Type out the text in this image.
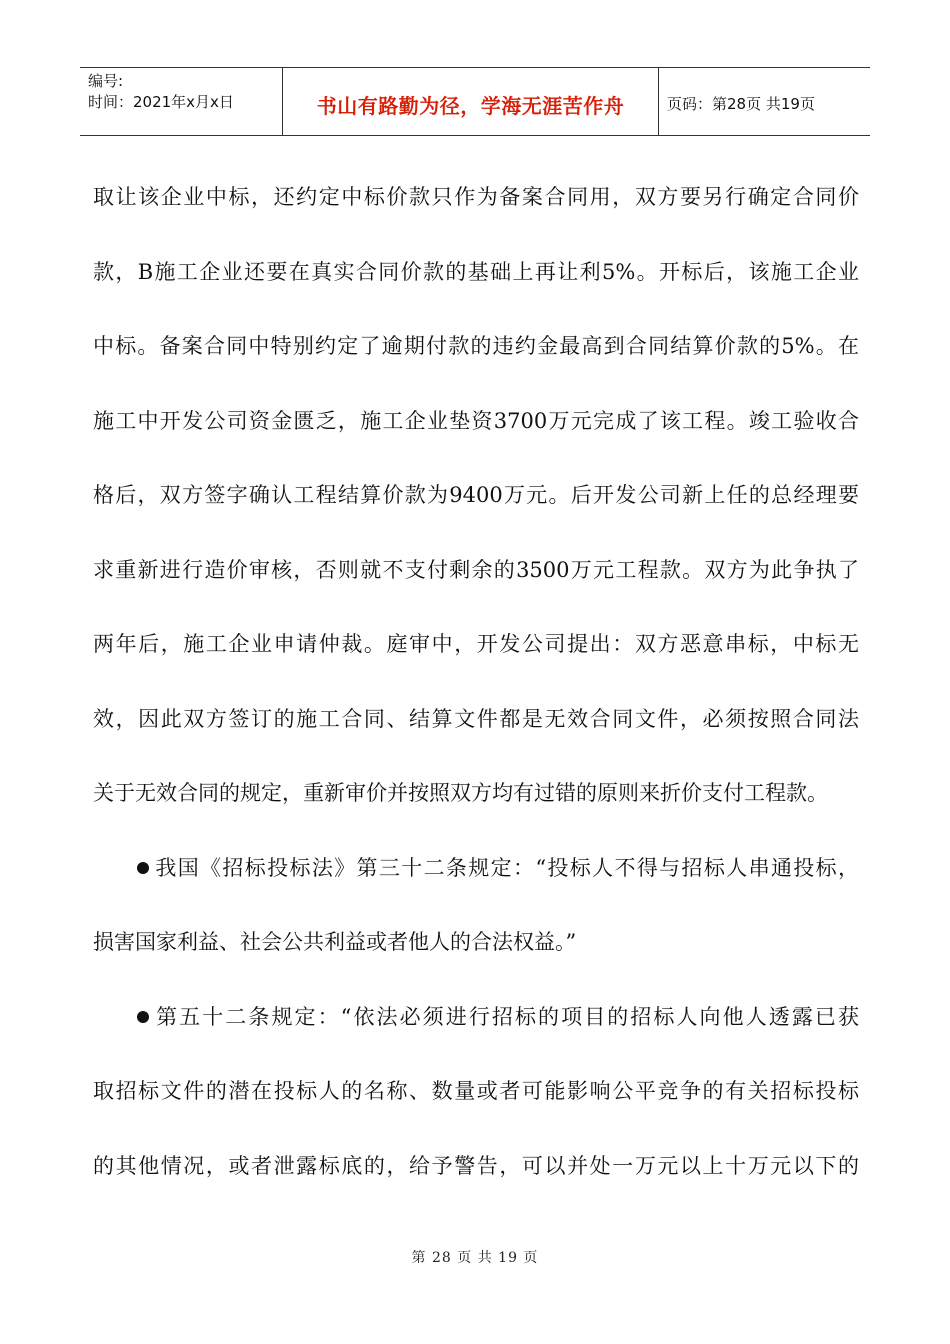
编号:
时间：2021年x月x日	书山有路勤为径，学海无涯苦作舟	页码：第28页 共19页

取让该企业中标，还约定中标价款只作为备案合同用，双方要另行确定合同价

款，B施工企业还要在真实合同价款的基础上再让利5%。开标后，该施工企业

中标。备案合同中特别约定了逾期付款的违约金最高到合同结算价款的5%。在

施工中开发公司资金匮乏，施工企业垫资3700万元完成了该工程。竣工验收合

格后，双方签字确认工程结算价款为9400万元。后开发公司新上任的总经理要

求重新进行造价审核，否则就不支付剩余的3500万元工程款。双方为此争执了

两年后，施工企业申请仲裁。庭审中，开发公司提出：双方恶意串标，中标无

效，因此双方签订的施工合同、结算文件都是无效合同文件，必须按照合同法

关于无效合同的规定，重新审价并按照双方均有过错的原则来折价支付工程款。

我国《招标投标法》第三十二条规定：“投标人不得与招标人串通投标，

损害国家利益、社会公共利益或者他人的合法权益。”

第五十二条规定：“依法必须进行招标的项目的招标人向他人透露已获

取招标文件的潜在投标人的名称、数量或者可能影响公平竞争的有关招标投标

的其他情况，或者泄露标底的，给予警告，可以并处一万元以上十万元以下的

第 28 页 共 19 页
